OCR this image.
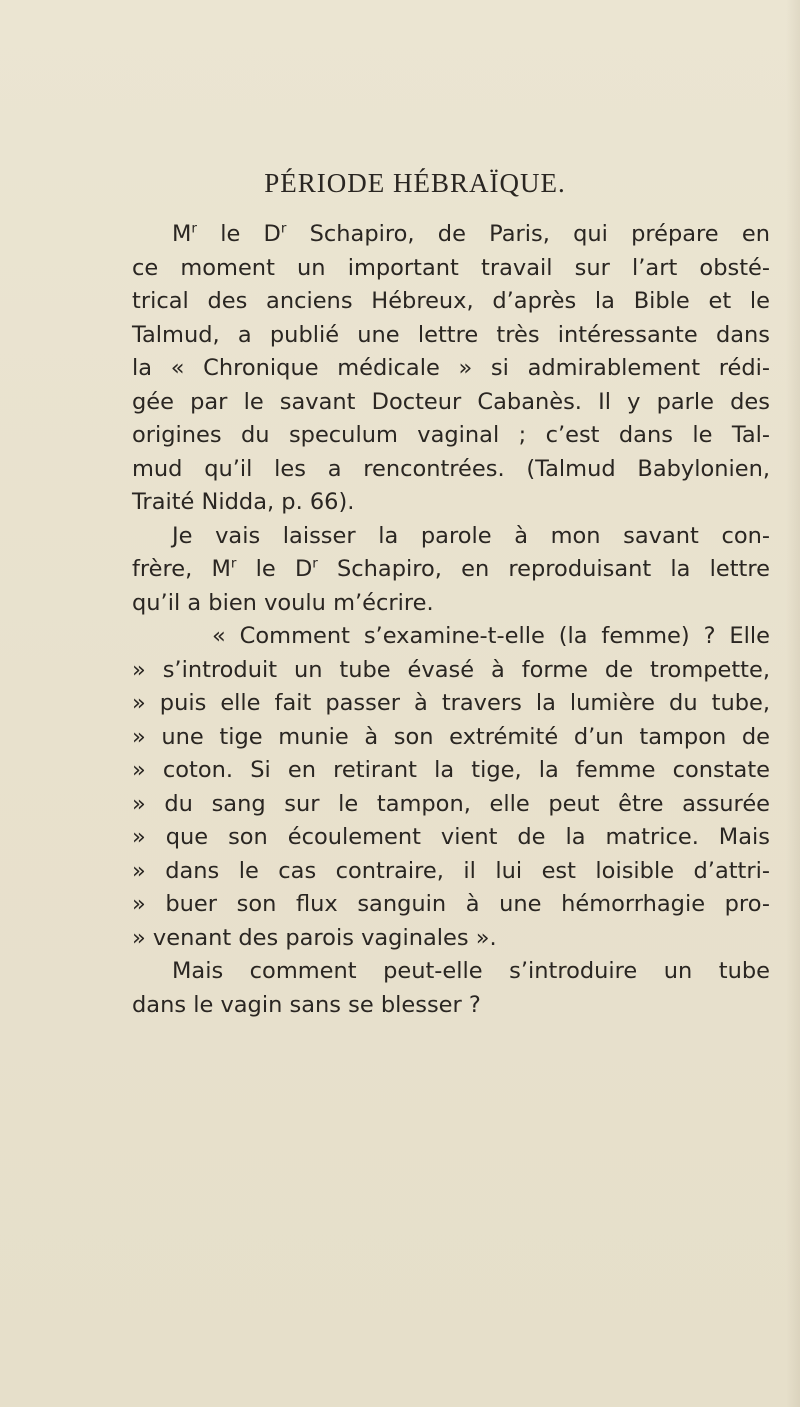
PÉRIODE HÉBRAÏQUE.

$M^r$ le $D^r$ Schapiro, de Paris, qui prépare en
ce moment un important travail sur l’art obsté-
trical des anciens Hébreux, d’après la Bible et le
Talmud, a publié une lettre très intéressante dans
la « Chronique médicale » si admirablement rédi-
gée par le savant Docteur Cabanès. Il y parle des
origines du speculum vaginal ; c’est dans le Tal-
mud qu’il les a rencontrées. (Talmud Babylonien,
Traité Nidda, p. 66).

Je vais laisser la parole à mon savant con-
frère, $M^r$ le $D^r$ Schapiro, en reproduisant la lettre
qu’il a bien voulu m’écrire.

« Comment s’examine-t-elle (la femme) ? Elle
» s’introduit un tube évasé à forme de trompette,
» puis elle fait passer à travers la lumière du tube,
» une tige munie à son extrémité d’un tampon de
» coton. Si en retirant la tige, la femme constate
» du sang sur le tampon, elle peut être assurée
» que son écoulement vient de la matrice. Mais
» dans le cas contraire, il lui est loisible d’attri-
» buer son flux sanguin à une hémorrhagie pro-
» venant des parois vaginales ».

Mais comment peut-elle s’introduire un tube
dans le vagin sans se blesser ?
